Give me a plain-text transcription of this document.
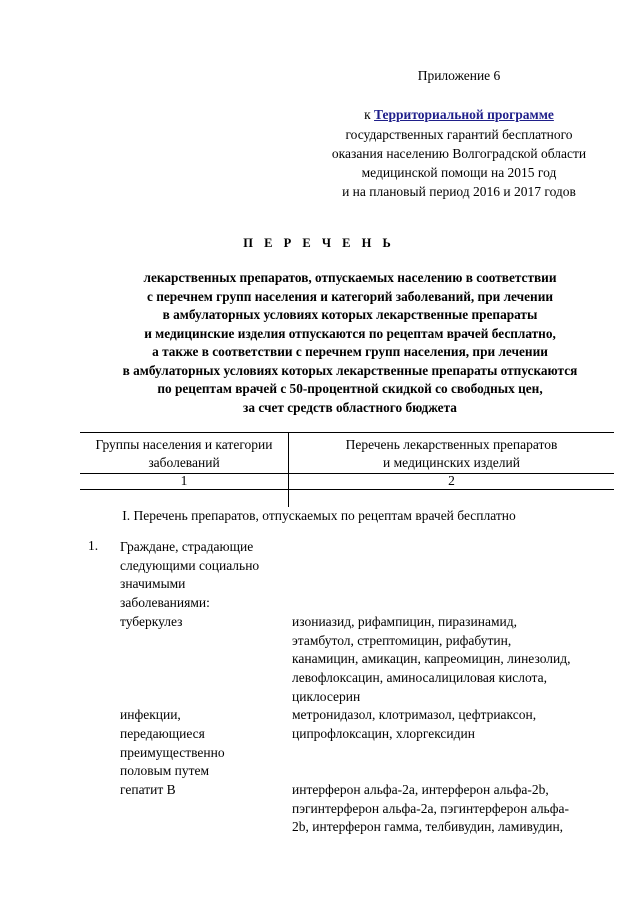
Приложение 6
к Территориальной программе
государственных гарантий бесплатного
оказания населению Волгоградской области
медицинской помощи на 2015 год
и на плановый период 2016 и 2017 годов
П Е Р Е Ч Е Н Ь
лекарственных препаратов, отпускаемых населению в соответствии
с перечнем групп населения и категорий заболеваний, при лечении
в амбулаторных условиях которых лекарственные препараты
и медицинские изделия отпускаются по рецептам врачей бесплатно,
а также в соответствии с перечнем групп населения, при лечении
в амбулаторных условиях которых лекарственные препараты отпускаются
по рецептам врачей с 50-процентной скидкой со свободных цен,
за счет средств областного бюджета
Группы населения и категории
заболеваний
Перечень лекарственных препаратов
и медицинских изделий
1	2
I. Перечень препаратов, отпускаемых по рецептам врачей бесплатно
1. Граждане, страдающие
следующими социально
значимыми
заболеваниями:
туберкулез

инфекции,
передающиеся
преимущественно
половым путем
гепатит B
изониазид, рифампицин, пиразинамид,
этамбутол, стрептомицин, рифабутин,
канамицин, амикацин, капреомицин, линезолид,
левофлоксацин, аминосалициловая кислота,
циклосерин
метронидазол, клотримазол, цефтриаксон,
ципрофлоксацин, хлоргексидин
интерферон альфа-2а, интерферон альфа-2b,
пэгинтерферон альфа-2а, пэгинтерферон альфа-
2b, интерферон гамма, телбивудин, ламивудин,
